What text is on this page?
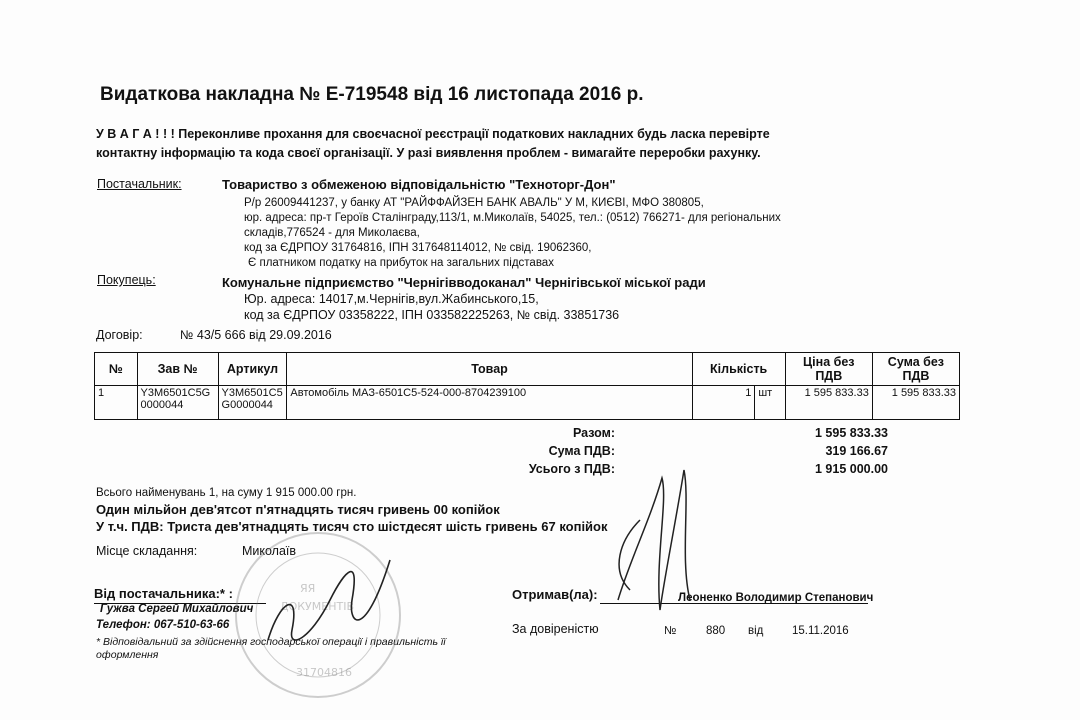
Видаткова накладна № Е-719548 від 16 листопада 2016 р.
У В А Г А ! ! ! Переконливе прохання для своєчасної реєстрації податкових накладних будь ласка перевірте
контактну інформацію та кода своєї організації. У разі виявлення проблем - вимагайте переробки рахунку.
Постачальник:	Товариство з обмеженою відповідальністю "Техноторг-Дон"
Р/р 26009441237, у банку АТ "РАЙФФАЙЗЕН БАНК АВАЛЬ" У М, КИЄВІ, МФО 380805,
юр. адреса: пр-т Героїв Сталінграду,113/1, м.Миколаїв, 54025, тел.: (0512) 766271- для регіональних
складів,776524 - для Миколаєва,
код за ЄДРПОУ 31764816, ІПН 317648114012, № свід. 19062360,
Є платником податку на прибуток на загальних підставах
Покупець:	Комунальне підприємство "Чернігівводоканал" Чернігівської міської ради
Юр. адреса: 14017,м.Чернігів,вул.Жабинського,15,
код за ЄДРПОУ 03358222, ІПН 033582225263, № свід. 33851736
Договір:	№ 43/5 666 від 29.09.2016
№	Зав №	Артикул	Товар	Кількість		Ціна без ПДВ	Сума без ПДВ
1	Y3M6501C5G0000044	Y3M6501C5G0000044	Автомобіль МАЗ-6501С5-524-000-8704239100	1	шт	1 595 833.33	1 595 833.33
Разом:	1 595 833.33
Сума ПДВ:	319 166.67
Усього з ПДВ:	1 915 000.00
Всього найменувань 1, на суму 1 915 000.00 грн.
Один мільйон дев'ятсот п'ятнадцять тисяч гривень 00 копійок
У т.ч. ПДВ: Триста дев'ятнадцять тисяч сто шістдесят шість гривень 67 копійок
Місце складання:	Миколаїв
Від постачальника:* :
Гужва Сергей Михайлович
Телефон: 067-510-63-66
* Відповідальний за здійснення господарської операції і правильність її оформлення
Отримав(ла):	Леоненко Володимир Степанович
За довіреністю	№	880 від 15.11.2016
ЯЯ
ДОКУМЕНТІВ
31704816
